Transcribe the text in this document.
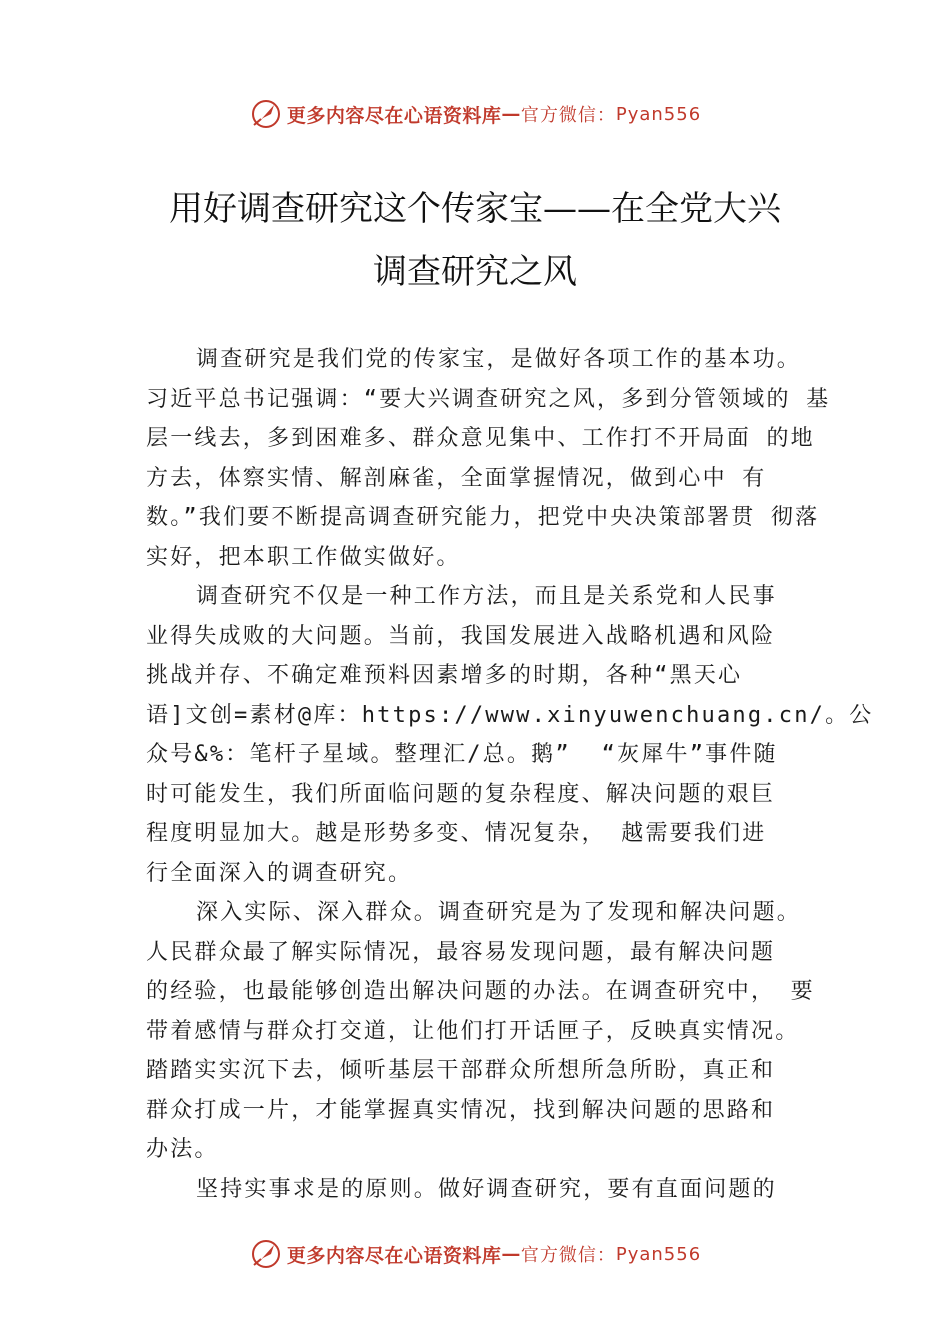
更多内容尽在心语资料库 — 官方微信： Pyan556
用好调查研究这个传家宝——在全党大兴
调查研究之风
调查研究是我们党的传家宝，是做好各项工作的基本功。
习近平总书记强调：“要大兴调查研究之风，多到分管领域的 基
层一线去，多到困难多、群众意见集中、工作打不开局面 的地
方去，体察实情、解剖麻雀，全面掌握情况，做到心中 有
数。”我们要不断提高调查研究能力，把党中央决策部署贯 彻落
实好，把本职工作做实做好。
调查研究不仅是一种工作方法，而且是关系党和人民事
业得失成败的大问题。当前，我国发展进入战略机遇和风险
挑战并存、不确定难预料因素增多的时期，各种“黑天心
语]文创=素材@库：https://www.xinyuwenchuang.cn/。公
众号&%：笔杆子星域。整理汇/总。鹅”  “灰犀牛”事件随
时可能发生，我们所面临问题的复杂程度、解决问题的艰巨
程度明显加大。越是形势多变、情况复杂， 越需要我们进
行全面深入的调查研究。
深入实际、深入群众。调查研究是为了发现和解决问题。
人民群众最了解实际情况，最容易发现问题，最有解决问题
的经验，也最能够创造出解决问题的办法。在调查研究中， 要
带着感情与群众打交道，让他们打开话匣子，反映真实情况。
踏踏实实沉下去，倾听基层干部群众所想所急所盼，真正和
群众打成一片，才能掌握真实情况，找到解决问题的思路和
办法。
坚持实事求是的原则。做好调查研究，要有直面问题的
更多内容尽在心语资料库 — 官方微信： Pyan556
